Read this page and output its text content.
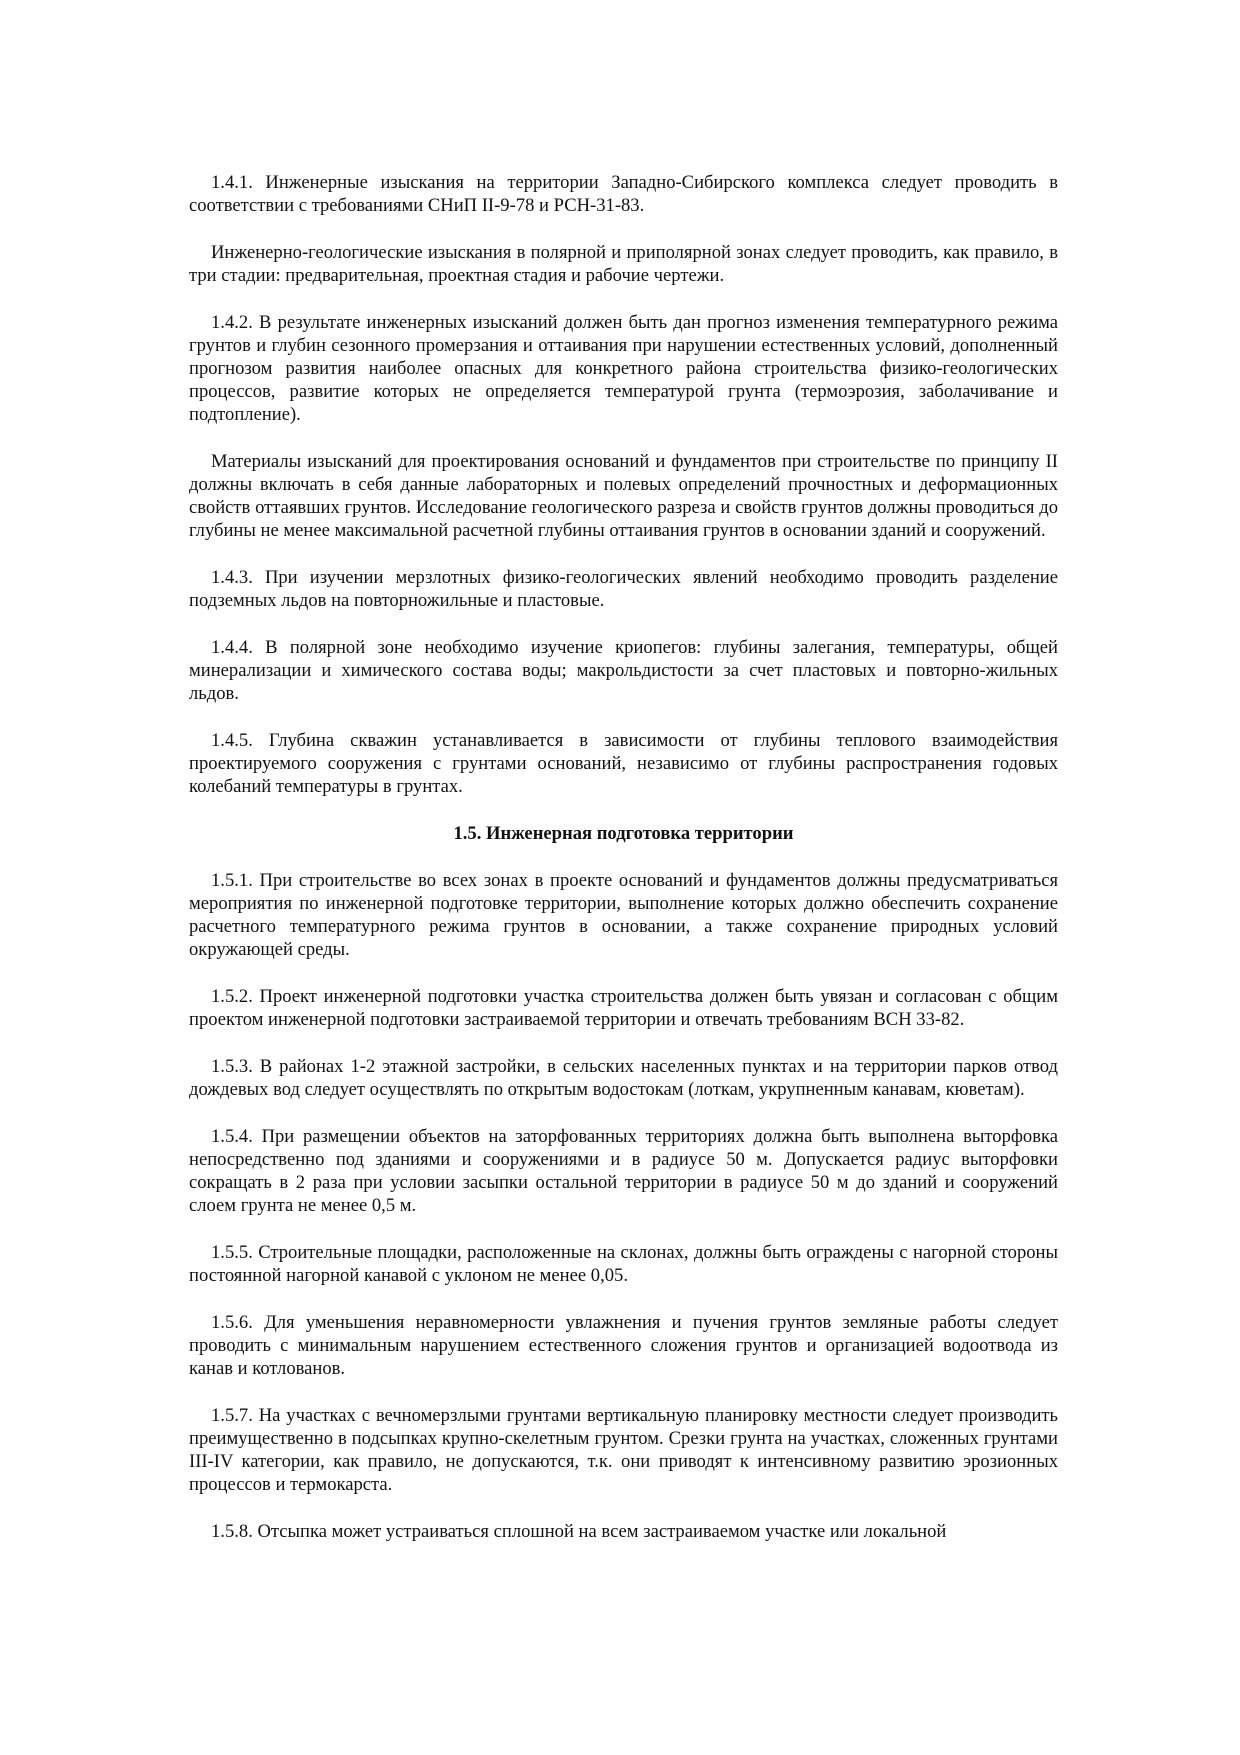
1.4.1. Инженерные изыскания на территории Западно-Сибирского комплекса следует проводить в соответствии с требованиями СНиП II-9-78 и РСН-31-83.

Инженерно-геологические изыскания в полярной и приполярной зонах следует проводить, как правило, в три стадии: предварительная, проектная стадия и рабочие чертежи.

1.4.2. В результате инженерных изысканий должен быть дан прогноз изменения температурного режима грунтов и глубин сезонного промерзания и оттаивания при нарушении естественных условий, дополненный прогнозом развития наиболее опасных для конкретного района строительства физико-геологических процессов, развитие которых не определяется температурой грунта (термоэрозия, заболачивание и подтопление).

Материалы изысканий для проектирования оснований и фундаментов при строительстве по принципу II должны включать в себя данные лабораторных и полевых определений прочностных и деформационных свойств оттаявших грунтов. Исследование геологического разреза и свойств грунтов должны проводиться до глубины не менее максимальной расчетной глубины оттаивания грунтов в основании зданий и сооружений.

1.4.3. При изучении мерзлотных физико-геологических явлений необходимо проводить разделение подземных льдов на повторножильные и пластовые.

1.4.4. В полярной зоне необходимо изучение криопегов: глубины залегания, температуры, общей минерализации и химического состава воды; макрольдистости за счет пластовых и повторно-жильных льдов.

1.4.5. Глубина скважин устанавливается в зависимости от глубины теплового взаимодействия проектируемого сооружения с грунтами оснований, независимо от глубины распространения годовых колебаний температуры в грунтах.

1.5. Инженерная подготовка территории

1.5.1. При строительстве во всех зонах в проекте оснований и фундаментов должны предусматриваться мероприятия по инженерной подготовке территории, выполнение которых должно обеспечить сохранение расчетного температурного режима грунтов в основании, а также сохранение природных условий окружающей среды.

1.5.2. Проект инженерной подготовки участка строительства должен быть увязан и согласован с общим проектом инженерной подготовки застраиваемой территории и отвечать требованиям ВСН 33-82.

1.5.3. В районах 1-2 этажной застройки, в сельских населенных пунктах и на территории парков отвод дождевых вод следует осуществлять по открытым водостокам (лоткам, укрупненным канавам, кюветам).

1.5.4. При размещении объектов на заторфованных территориях должна быть выполнена выторфовка непосредственно под зданиями и сооружениями и в радиусе 50 м. Допускается радиус выторфовки сокращать в 2 раза при условии засыпки остальной территории в радиусе 50 м до зданий и сооружений слоем грунта не менее 0,5 м.

1.5.5. Строительные площадки, расположенные на склонах, должны быть ограждены с нагорной стороны постоянной нагорной канавой с уклоном не менее 0,05.

1.5.6. Для уменьшения неравномерности увлажнения и пучения грунтов земляные работы следует проводить с минимальным нарушением естественного сложения грунтов и организацией водоотвода из канав и котлованов.

1.5.7. На участках с вечномерзлыми грунтами вертикальную планировку местности следует производить преимущественно в подсыпках крупно-скелетным грунтом. Срезки грунта на участках, сложенных грунтами III-IV категории, как правило, не допускаются, т.к. они приводят к интенсивному развитию эрозионных процессов и термокарста.

1.5.8. Отсыпка может устраиваться сплошной на всем застраиваемом участке или локальной
